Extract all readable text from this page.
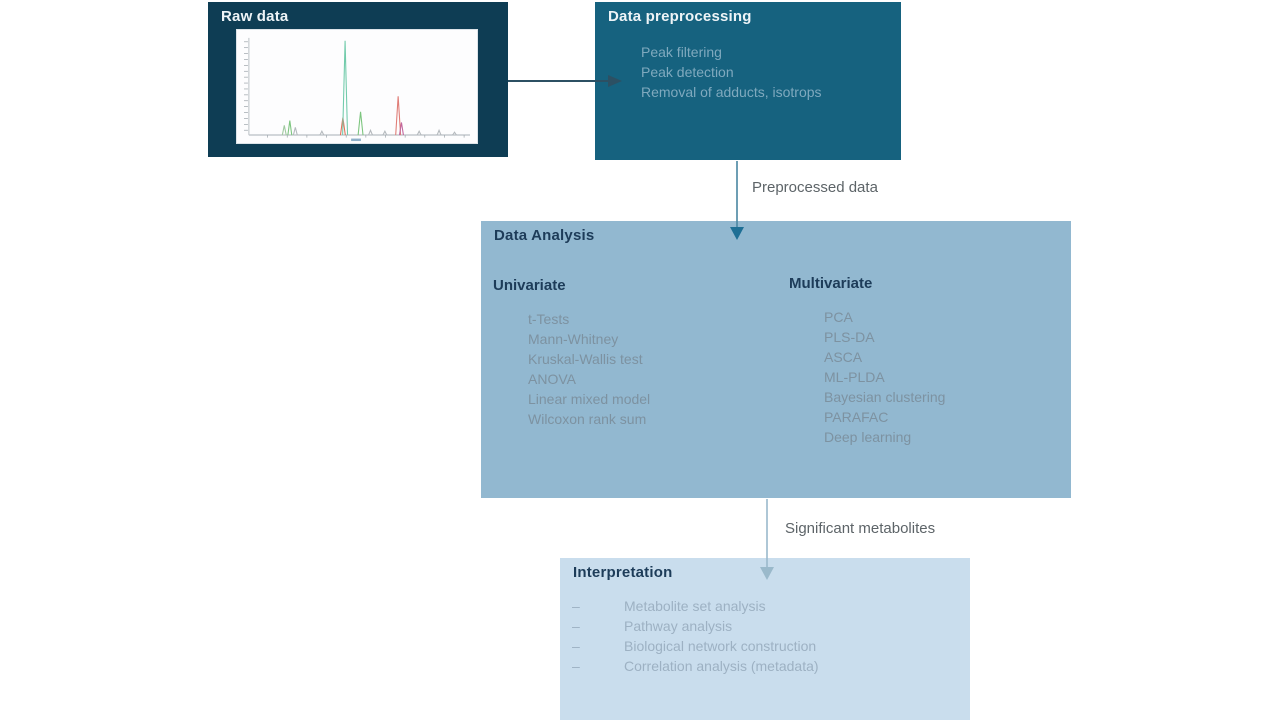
Raw data	Data preprocessing
Peak filtering
Peak detection
Removal of adducts, isotrops
Data Analysis
Univariate
t-Tests
Mann-Whitney
Kruskal-Wallis test
ANOVA
Linear mixed model
Wilcoxon rank sum
Multivariate
PCA
PLS-DA
ASCA
ML-PLDA
Bayesian clustering
PARAFAC
Deep learning
Interpretation
–	Metabolite set analysis
–	Pathway analysis
–	Biological network construction
–	Correlation analysis (metadata)
Preprocessed data
Significant metabolites
